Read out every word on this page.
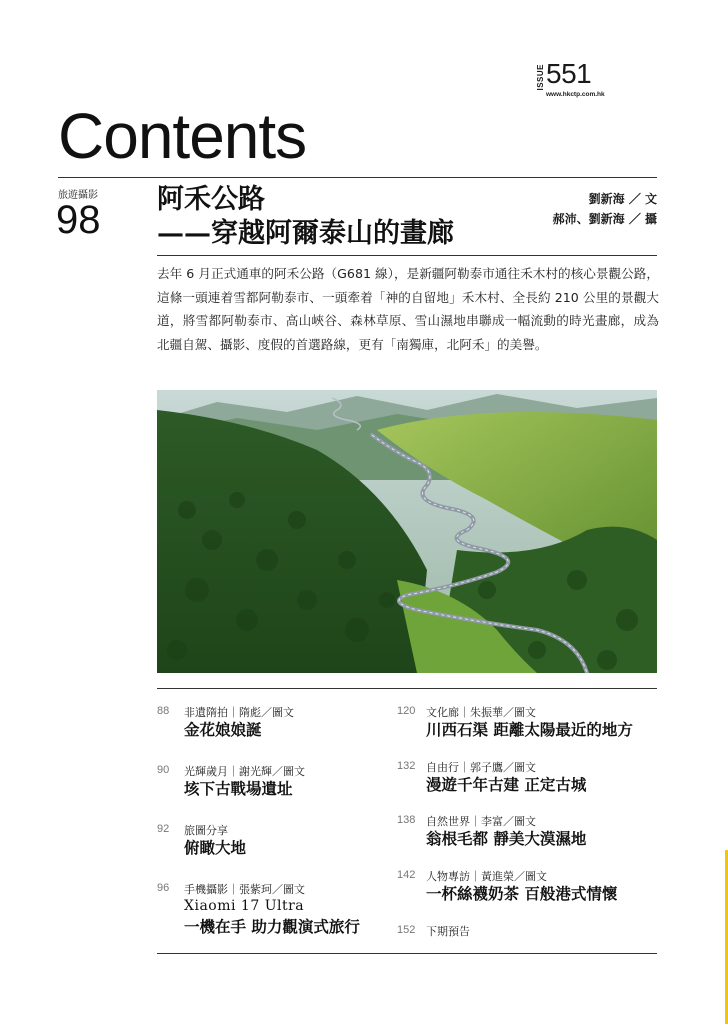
ISSUE 551
www.hkctp.com.hk
Contents
旅遊攝影
98 阿禾公路
——穿越阿爾泰山的畫廊
劉新海 ／ 文
郝沛、劉新海 ／ 攝
去年 6 月正式通車的阿禾公路（G681 線），是新疆阿勒泰市通往禾木村的核心景觀公路，這條一頭連着雪都阿勒泰市、一頭牽着「神的自留地」禾木村、全長約 210 公里的景觀大道，將雪都阿勒泰市、高山峽谷、森林草原、雪山濕地串聯成一幅流動的時光畫廊，成為北疆自駕、攝影、度假的首選路線，更有「南獨庫，北阿禾」的美譽。
88 非遺隋拍｜隋彪／圖文
金花娘娘誕
90 光輝歲月｜謝光輝／圖文
垓下古戰場遺址
92 旅圖分享
俯瞰大地
96 手機攝影｜張紫珂／圖文
Xiaomi 17 Ultra
一機在手 助力觀演式旅行
120 文化廊｜朱振華／圖文
川西石渠 距離太陽最近的地方
132 自由行｜郭子鷹／圖文
漫遊千年古建 正定古城
138 自然世界｜李富／圖文
翁根毛都 靜美大漠濕地
142 人物專訪｜黃進榮／圖文
一杯絲襪奶茶 百般港式情懷
152 下期預告
